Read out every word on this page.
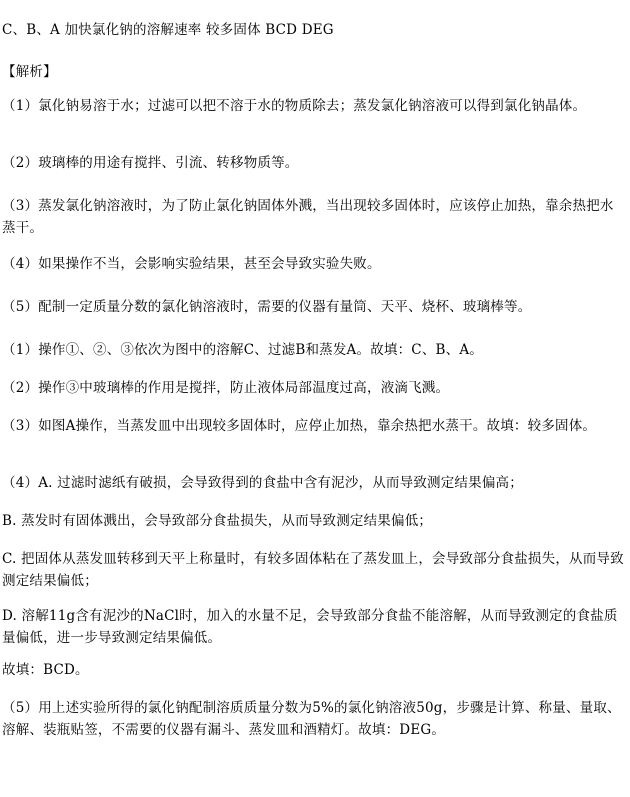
C、B、A 加快氯化钠的溶解速率 较多固体 BCD DEG
【解析】
（1）氯化钠易溶于水；过滤可以把不溶于水的物质除去；蒸发氯化钠溶液可以得到氯化钠晶体。
（2）玻璃棒的用途有搅拌、引流、转移物质等。
（3）蒸发氯化钠溶液时，为了防止氯化钠固体外溅，当出现较多固体时，应该停止加热，靠余热把水蒸干。
（4）如果操作不当，会影响实验结果，甚至会导致实验失败。
（5）配制一定质量分数的氯化钠溶液时，需要的仪器有量筒、天平、烧杯、玻璃棒等。
（1）操作①、②、③依次为图中的溶解C、过滤B和蒸发A。故填：C、B、A。
（2）操作③中玻璃棒的作用是搅拌，防止液体局部温度过高，液滴飞溅。
（3）如图A操作，当蒸发皿中出现较多固体时，应停止加热，靠余热把水蒸干。故填：较多固体。
（4）A. 过滤时滤纸有破损，会导致得到的食盐中含有泥沙，从而导致测定结果偏高；
B. 蒸发时有固体溅出，会导致部分食盐损失，从而导致测定结果偏低；
C. 把固体从蒸发皿转移到天平上称量时，有较多固体粘在了蒸发皿上，会导致部分食盐损失，从而导致测定结果偏低；
D. 溶解11g含有泥沙的NaCl时，加入的水量不足，会导致部分食盐不能溶解，从而导致测定的食盐质量偏低，进一步导致测定结果偏低。
故填：BCD。
（5）用上述实验所得的氯化钠配制溶质质量分数为5%的氯化钠溶液50g，步骤是计算、称量、量取、溶解、装瓶贴签，不需要的仪器有漏斗、蒸发皿和酒精灯。故填：DEG。
